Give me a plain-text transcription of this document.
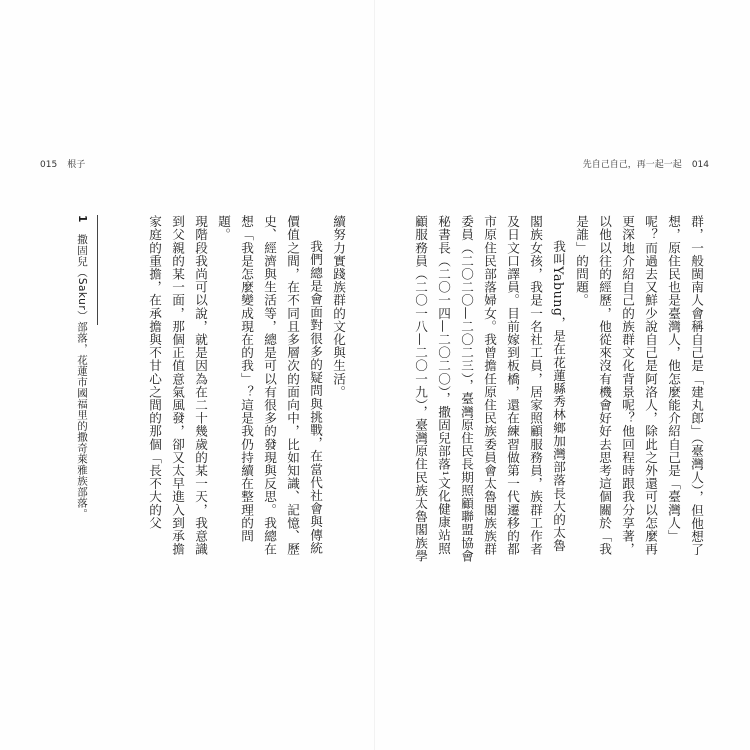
015 根子
1　撒固兒（Sakur）部落，花蓮市國福里的撒奇萊雅族部落。	續努力實踐族群的文化與生活。

我們總是會面對很多的疑問與挑戰，在當代社會與傳統價值之間，在不同且多層次的面向中，比如知識、記憶、歷史、經濟與生活等，總是可以有很多的發現與反思。我總在想「我是怎麼變成現在的我」？這是我仍持續在整理的問題。

現階段我尚可以說，就是因為在二十幾歲的某一天，我意識到父親的某一面，那個正值意氣風發，卻又太早進入到承擔家庭的重擔，在承擔與不甘心之間的那個「長不大的父

先自己自己，再一起一起 014

群，一般閩南人會稱自己是「建丸郎」（臺灣人），但他想了想，原住民也是臺灣人，他怎麼能介紹自己是「臺灣人」呢？而過去又鮮少說自己是阿洛人，除此之外還可以怎麼再更深地介紹自己的族群文化背景呢？他回程時跟我分享著，以他以往的經歷，他從來沒有機會好好去思考這個關於「我是誰」的問題。

我叫Yabung，是在花蓮縣秀林鄉加灣部落長大的太魯閣族女孩，我是一名社工員，居家照顧服務員，族群工作者及日文口譯員。目前嫁到板橋，還在練習做第一代遷移的都市原住民部落婦女。我曾擔任原住民族委員會太魯閣族族群委員（二〇二〇—二〇二三），臺灣原住民長期照顧聯盟協會秘書長（二〇一四—二〇二〇），撒固兒部落¹文化健康站照顧服務員（二〇一八—二〇一九），臺灣原住民族太魯閣族學
